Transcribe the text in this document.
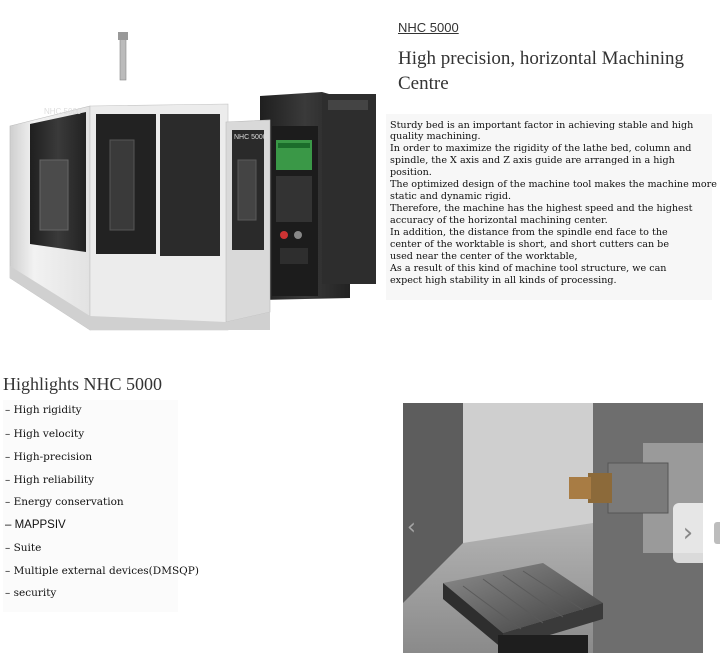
NHC 5000
NHC 5000
NHC 5000
High precision, horizontal Machining Centre
Sturdy bed is an important factor in achieving stable and high
quality machining.
In order to maximize the rigidity of the lathe bed, column and
spindle, the X axis and Z axis guide are arranged in a high
position.
The optimized design of the machine tool makes the machine more
static and dynamic rigid.
Therefore, the machine has the highest speed and the highest
accuracy of the horizontal machining center.
In addition, the distance from the spindle end face to the
center of the worktable is short, and short cutters can be
used near the center of the worktable,
As a result of this kind of machine tool structure, we can
expect high stability in all kinds of processing.
Highlights NHC 5000
– High rigidity
– High velocity
– High-precision
– High reliability
– Energy conservation
– MAPPSIV
– Suite
– Multiple external devices(DMSQP)
– security
‹	›
